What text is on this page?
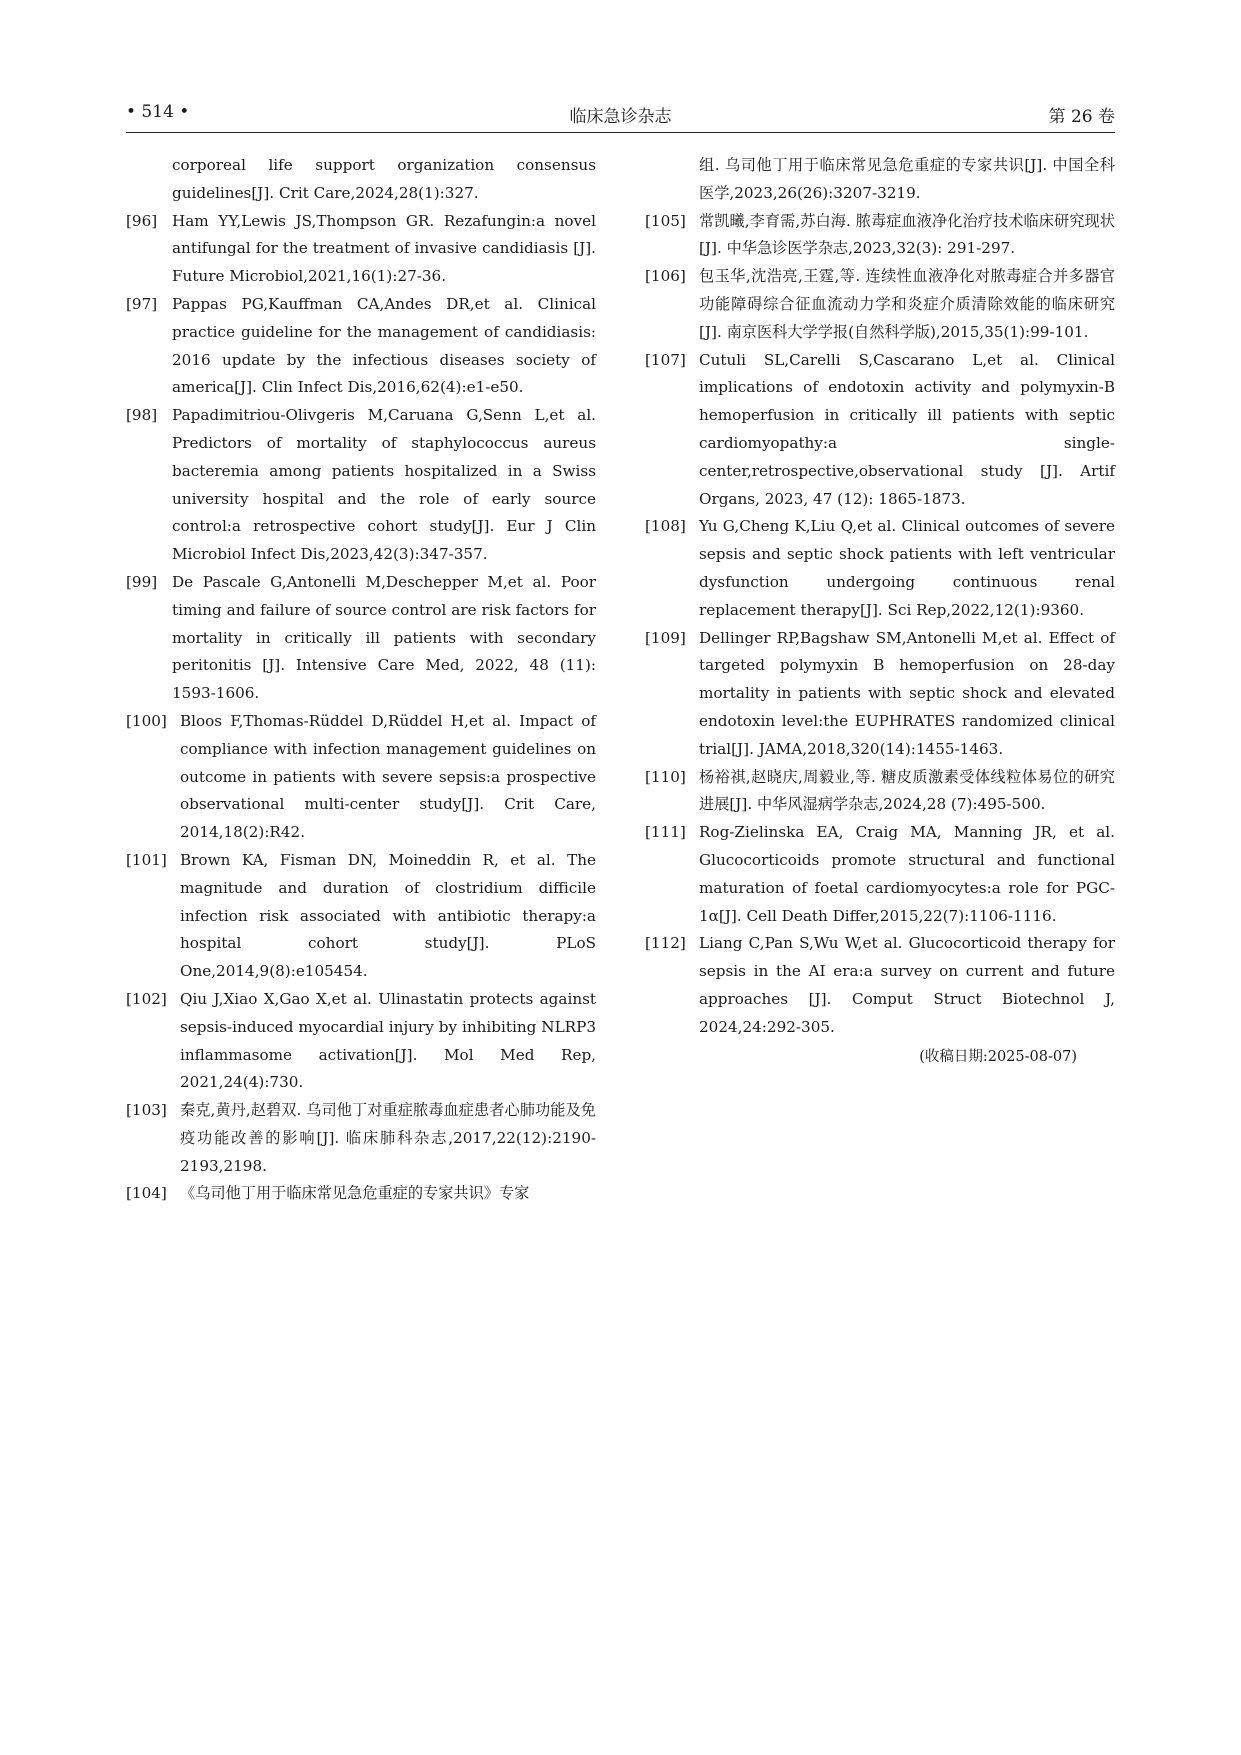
• 514 •	临床急诊杂志	第 26 卷
corporeal life support organization consensus guidelines[J]. Crit Care,2024,28(1):327.
[96] Ham YY,Lewis JS,Thompson GR. Rezafungin:a novel antifungal for the treatment of invasive candidiasis [J]. Future Microbiol,2021,16(1):27-36.
[97] Pappas PG,Kauffman CA,Andes DR,et al. Clinical practice guideline for the management of candidiasis: 2016 update by the infectious diseases society of america[J]. Clin Infect Dis,2016,62(4):e1-e50.
[98] Papadimitriou-Olivgeris M,Caruana G,Senn L,et al. Predictors of mortality of staphylococcus aureus bacteremia among patients hospitalized in a Swiss university hospital and the role of early source control:a retrospective cohort study[J]. Eur J Clin Microbiol Infect Dis,2023,42(3):347-357.
[99] De Pascale G,Antonelli M,Deschepper M,et al. Poor timing and failure of source control are risk factors for mortality in critically ill patients with secondary peritonitis [J]. Intensive Care Med, 2022, 48 (11): 1593-1606.
[100] Bloos F,Thomas-Rüddel D,Rüddel H,et al. Impact of compliance with infection management guidelines on outcome in patients with severe sepsis:a prospective observational multi-center study[J]. Crit Care, 2014,18(2):R42.
[101] Brown KA, Fisman DN, Moineddin R, et al. The magnitude and duration of clostridium difficile infection risk associated with antibiotic therapy:a hospital cohort study[J]. PLoS One,2014,9(8):e105454.
[102] Qiu J,Xiao X,Gao X,et al. Ulinastatin protects against sepsis-induced myocardial injury by inhibiting NLRP3 inflammasome activation[J]. Mol Med Rep, 2021,24(4):730.
[103] 秦克,黄丹,赵碧双. 乌司他丁对重症脓毒血症患者心肺功能及免疫功能改善的影响[J]. 临床肺科杂志,2017,22(12):2190-2193,2198.
[104] 《乌司他丁用于临床常见急危重症的专家共识》专家
组. 乌司他丁用于临床常见急危重症的专家共识[J]. 中国全科医学,2023,26(26):3207-3219.
[105] 常凯曦,李育需,苏白海. 脓毒症血液净化治疗技术临床研究现状[J]. 中华急诊医学杂志,2023,32(3): 291-297.
[106] 包玉华,沈浩亮,王霆,等. 连续性血液净化对脓毒症合并多器官功能障碍综合征血流动力学和炎症介质清除效能的临床研究[J]. 南京医科大学学报(自然科学版),2015,35(1):99-101.
[107] Cutuli SL,Carelli S,Cascarano L,et al. Clinical implications of endotoxin activity and polymyxin-B hemoperfusion in critically ill patients with septic cardiomyopathy:a single-center,retrospective,observational study [J]. Artif Organs, 2023, 47 (12): 1865-1873.
[108] Yu G,Cheng K,Liu Q,et al. Clinical outcomes of severe sepsis and septic shock patients with left ventricular dysfunction undergoing continuous renal replacement therapy[J]. Sci Rep,2022,12(1):9360.
[109] Dellinger RP,Bagshaw SM,Antonelli M,et al. Effect of targeted polymyxin B hemoperfusion on 28-day mortality in patients with septic shock and elevated endotoxin level:the EUPHRATES randomized clinical trial[J]. JAMA,2018,320(14):1455-1463.
[110] 杨裕祺,赵晓庆,周毅业,等. 糖皮质激素受体线粒体易位的研究进展[J]. 中华风湿病学杂志,2024,28 (7):495-500.
[111] Rog-Zielinska EA, Craig MA, Manning JR, et al. Glucocorticoids promote structural and functional maturation of foetal cardiomyocytes:a role for PGC-1α[J]. Cell Death Differ,2015,22(7):1106-1116.
[112] Liang C,Pan S,Wu W,et al. Glucocorticoid therapy for sepsis in the AI era:a survey on current and future approaches [J]. Comput Struct Biotechnol J, 2024,24:292-305.
(收稿日期:2025-08-07)
